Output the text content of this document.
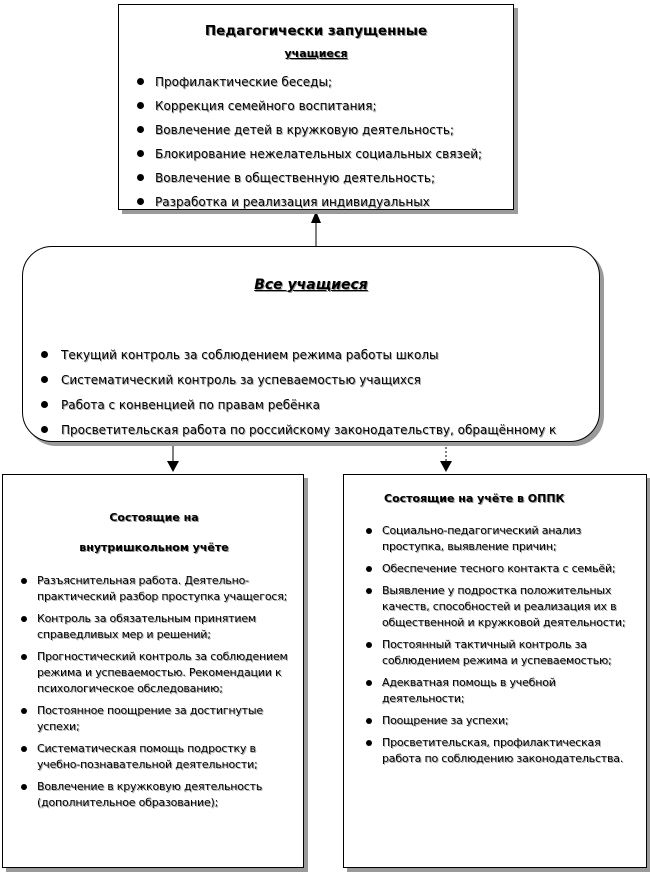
Педагогически запущенные
учащиеся
Профилактические беседы;
Коррекция семейного воспитания;
Вовлечение детей в кружковую деятельность;
Блокирование нежелательных социальных связей;
Вовлечение в общественную деятельность;
Разработка и реализация индивидуальных
Все учащиеся
Текущий контроль за соблюдением режима работы школы
Систематический контроль за успеваемостью учащихся
Работа с конвенцией по правам ребёнка
Просветительская работа по российскому законодательству, обращённому к
Состоящие на
внутришкольном учёте
Разъяснительная работа. Деятельно-практический разбор проступка учащегося;
Контроль за обязательным принятием справедливых мер и решений;
Прогностический контроль за соблюдением режима и успеваемостью. Рекомендации к психологическое обследованию;
Постоянное поощрение за достигнутые успехи;
Систематическая помощь подростку в учебно-познавательной деятельности;
Вовлечение в кружковую деятельность (дополнительное образование);
Состоящие на учёте в ОППК
Социально-педагогический анализ проступка, выявление причин;
Обеспечение тесного контакта с семьёй;
Выявление у подростка положительных качеств, способностей и реализация их в общественной и кружковой деятельности;
Постоянный тактичный контроль за соблюдением режима и успеваемостью;
Адекватная помощь в учебной деятельности;
Поощрение за успехи;
Просветительская, профилактическая работа по соблюдению законодательства.
